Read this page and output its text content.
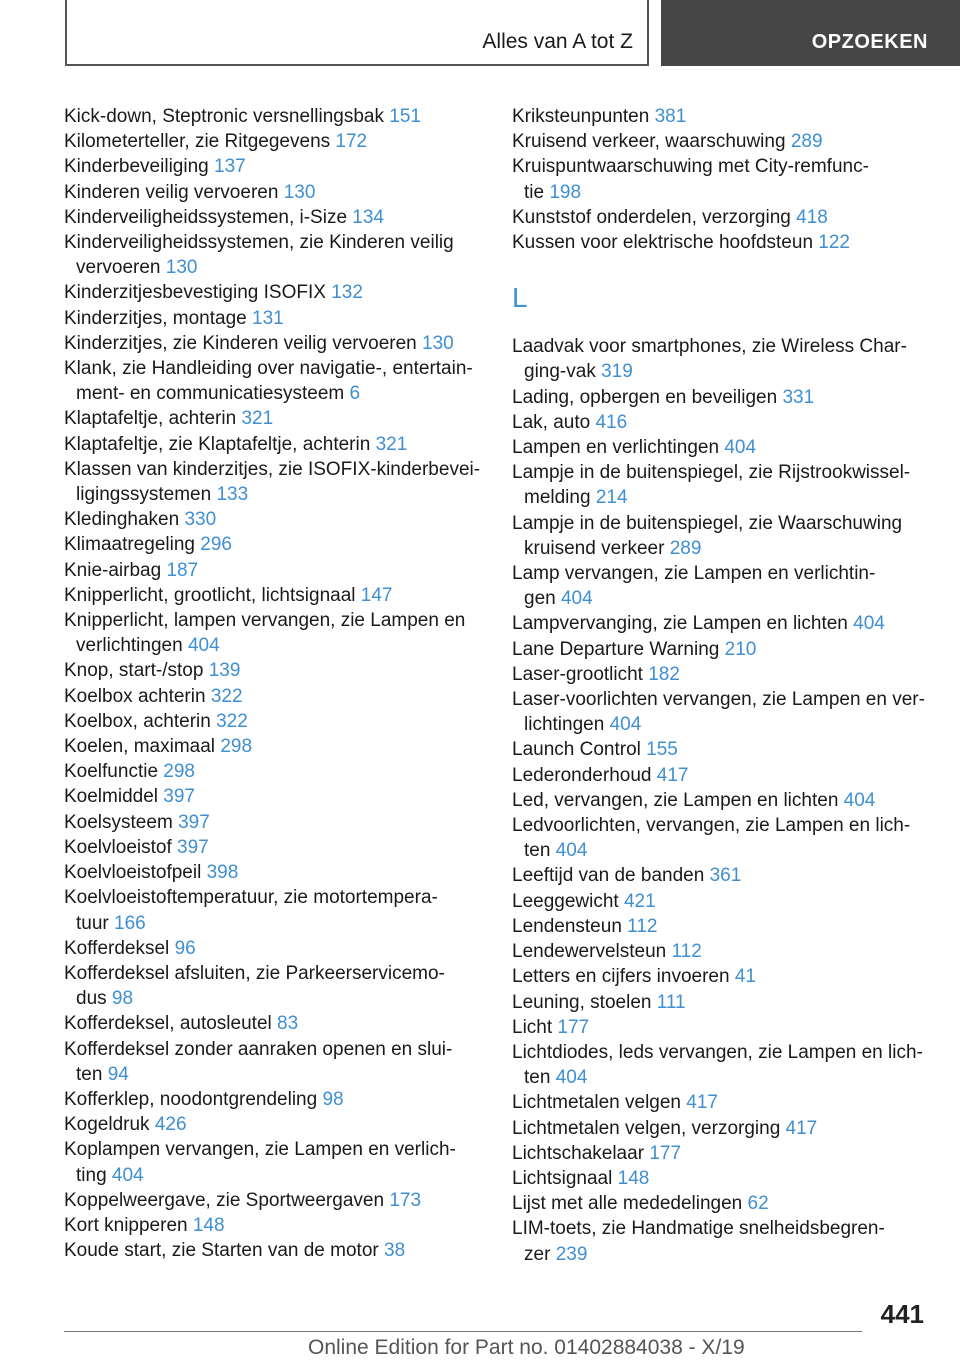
Alles van A tot Z	OPZOEKEN
Kick-down, Steptronic versnellingsbak 151
Kilometerteller, zie Ritgegevens 172
Kinderbeveiliging 137
Kinderen veilig vervoeren 130
Kinderveiligheidssystemen, i-Size 134
Kinderveiligheidssystemen, zie Kinderen veilig
vervoeren 130
Kinderzitjesbevestiging ISOFIX 132
Kinderzitjes, montage 131
Kinderzitjes, zie Kinderen veilig vervoeren 130
Klank, zie Handleiding over navigatie-, entertain-
ment- en communicatiesysteem 6
Klaptafeltje, achterin 321
Klaptafeltje, zie Klaptafeltje, achterin 321
Klassen van kinderzitjes, zie ISOFIX-kinderbevei-
ligingssystemen 133
Kledinghaken 330
Klimaatregeling 296
Knie-airbag 187
Knipperlicht, grootlicht, lichtsignaal 147
Knipperlicht, lampen vervangen, zie Lampen en
verlichtingen 404
Knop, start-/stop 139
Koelbox achterin 322
Koelbox, achterin 322
Koelen, maximaal 298
Koelfunctie 298
Koelmiddel 397
Koelsysteem 397
Koelvloeistof 397
Koelvloeistofpeil 398
Koelvloeistoftemperatuur, zie motortempera-
tuur 166
Kofferdeksel 96
Kofferdeksel afsluiten, zie Parkeerservicemo-
dus 98
Kofferdeksel, autosleutel 83
Kofferdeksel zonder aanraken openen en slui-
ten 94
Kofferklep, noodontgrendeling 98
Kogeldruk 426
Koplampen vervangen, zie Lampen en verlich-
ting 404
Koppelweergave, zie Sportweergaven 173
Kort knipperen 148
Koude start, zie Starten van de motor 38
Kriksteunpunten 381
Kruisend verkeer, waarschuwing 289
Kruispuntwaarschuwing met City-remfunc-
tie 198
Kunststof onderdelen, verzorging 418
Kussen voor elektrische hoofdsteun 122
L
Laadvak voor smartphones, zie Wireless Char-
ging-vak 319
Lading, opbergen en beveiligen 331
Lak, auto 416
Lampen en verlichtingen 404
Lampje in de buitenspiegel, zie Rijstrookwissel-
melding 214
Lampje in de buitenspiegel, zie Waarschuwing
kruisend verkeer 289
Lamp vervangen, zie Lampen en verlichtin-
gen 404
Lampvervanging, zie Lampen en lichten 404
Lane Departure Warning 210
Laser-grootlicht 182
Laser-voorlichten vervangen, zie Lampen en ver-
lichtingen 404
Launch Control 155
Lederonderhoud 417
Led, vervangen, zie Lampen en lichten 404
Ledvoorlichten, vervangen, zie Lampen en lich-
ten 404
Leeftijd van de banden 361
Leeggewicht 421
Lendensteun 112
Lendewervelsteun 112
Letters en cijfers invoeren 41
Leuning, stoelen 111
Licht 177
Lichtdiodes, leds vervangen, zie Lampen en lich-
ten 404
Lichtmetalen velgen 417
Lichtmetalen velgen, verzorging 417
Lichtschakelaar 177
Lichtsignaal 148
Lijst met alle mededelingen 62
LIM-toets, zie Handmatige snelheidsbegren-
zer 239
441
Online Edition for Part no. 01402884038 - X/19
